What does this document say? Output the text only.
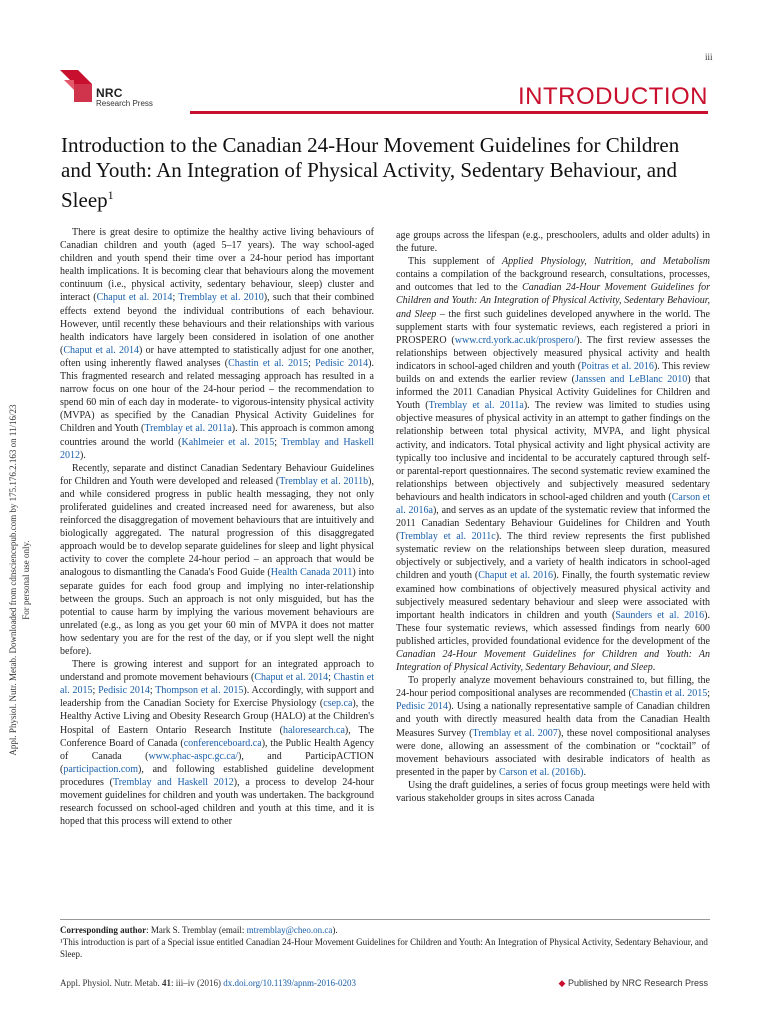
iii
NRC
Research Press	INTRODUCTION
Introduction to the Canadian 24-Hour Movement Guidelines for Children and Youth: An Integration of Physical Activity, Sedentary Behaviour, and Sleep$^1$
Appl. Physiol. Nutr. Metab. Downloaded from cdnsciencepub.com by 175.176.2.163 on 11/16/23 For personal use only.

There is great desire to optimize the healthy active living behaviours of Canadian children and youth (aged 5–17 years). The way school-aged children and youth spend their time over a 24-hour period has important health implications. It is becoming clear that behaviours along the movement continuum (i.e., physical activity, sedentary behaviour, sleep) cluster and interact (Chaput et al. 2014; Tremblay et al. 2010), such that their combined effects extend beyond the individual contributions of each behaviour. However, until recently these behaviours and their relationships with various health indicators have largely been considered in isolation of one another (Chaput et al. 2014) or have attempted to statistically adjust for one another, often using inherently flawed analyses (Chastin et al. 2015; Pedisic 2014). This fragmented research and related messaging approach has resulted in a narrow focus on one hour of the 24-hour period – the recommendation to spend 60 min of each day in moderate- to vigorous-intensity physical activity (MVPA) as specified by the Canadian Physical Activity Guidelines for Children and Youth (Tremblay et al. 2011a). This approach is common among countries around the world (Kahlmeier et al. 2015; Tremblay and Haskell 2012).

Recently, separate and distinct Canadian Sedentary Behaviour Guidelines for Children and Youth were developed and released (Tremblay et al. 2011b), and while considered progress in public health messaging, they not only proliferated guidelines and created increased need for awareness, but also reinforced the disaggregation of movement behaviours that are intuitively and biologically aggregated. The natural progression of this disaggregated approach would be to develop separate guidelines for sleep and light physical activity to cover the complete 24-hour period – an approach that would be analogous to dismantling the Canada's Food Guide (Health Canada 2011) into separate guides for each food group and implying no inter-relationship between the groups. Such an approach is not only misguided, but has the potential to cause harm by implying the various movement behaviours are unrelated (e.g., as long as you get your 60 min of MVPA it does not matter how sedentary you are for the rest of the day, or if you slept well the night before).

There is growing interest and support for an integrated approach to understand and promote movement behaviours (Chaput et al. 2014; Chastin et al. 2015; Pedisic 2014; Thompson et al. 2015). Accordingly, with support and leadership from the Canadian Society for Exercise Physiology (csep.ca), the Healthy Active Living and Obesity Research Group (HALO) at the Children's Hospital of Eastern Ontario Research Institute (haloresearch.ca), The Conference Board of Canada (conferenceboard.ca), the Public Health Agency of Canada (www.phac-aspc.gc.ca/), and ParticipACTION (participaction.com), and following established guideline development procedures (Tremblay and Haskell 2012), a process to develop 24-hour movement guidelines for children and youth was undertaken. The background research focussed on school-aged children and youth at this time, and it is hoped that this process will extend to other

age groups across the lifespan (e.g., preschoolers, adults and older adults) in the future.

This supplement of Applied Physiology, Nutrition, and Metabolism contains a compilation of the background research, consultations, processes, and outcomes that led to the Canadian 24-Hour Movement Guidelines for Children and Youth: An Integration of Physical Activity, Sedentary Behaviour, and Sleep – the first such guidelines developed anywhere in the world. The supplement starts with four systematic reviews, each registered a priori in PROSPERO (www.crd.york.ac.uk/prospero/). The first review assesses the relationships between objectively measured physical activity and health indicators in school-aged children and youth (Poitras et al. 2016). This review builds on and extends the earlier review (Janssen and LeBlanc 2010) that informed the 2011 Canadian Physical Activity Guidelines for Children and Youth (Tremblay et al. 2011a). The review was limited to studies using objective measures of physical activity in an attempt to gather findings on the relationship between total physical activity, MVPA, and light physical activity, and indicators. Total physical activity and light physical activity are typically too inclusive and incidental to be accurately captured through self- or parental-report questionnaires. The second systematic review examined the relationships between objectively and subjectively measured sedentary behaviours and health indicators in school-aged children and youth (Carson et al. 2016a), and serves as an update of the systematic review that informed the 2011 Canadian Sedentary Behaviour Guidelines for Children and Youth (Tremblay et al. 2011c). The third review represents the first published systematic review on the relationships between sleep duration, measured objectively or subjectively, and a variety of health indicators in school-aged children and youth (Chaput et al. 2016). Finally, the fourth systematic review examined how combinations of objectively measured physical activity and subjectively measured sedentary behaviour and sleep were associated with important health indicators in children and youth (Saunders et al. 2016). These four systematic reviews, which assessed findings from nearly 600 published articles, provided foundational evidence for the development of the Canadian 24-Hour Movement Guidelines for Children and Youth: An Integration of Physical Activity, Sedentary Behaviour, and Sleep.

To properly analyze movement behaviours constrained to, but filling, the 24-hour period compositional analyses are recommended (Chastin et al. 2015; Pedisic 2014). Using a nationally representative sample of Canadian children and youth with directly measured health data from the Canadian Health Measures Survey (Tremblay et al. 2007), these novel compositional analyses were done, allowing an assessment of the combination or “cocktail” of movement behaviours associated with desirable indicators of health as presented in the paper by Carson et al. (2016b).

Using the draft guidelines, a series of focus group meetings were held with various stakeholder groups in sites across Canada

Corresponding author: Mark S. Tremblay (email: mtremblay@cheo.on.ca).
¹This introduction is part of a Special issue entitled Canadian 24-Hour Movement Guidelines for Children and Youth: An Integration of Physical Activity, Sedentary Behaviour, and Sleep.
Appl. Physiol. Nutr. Metab. 41: iii–iv (2016) dx.doi.org/10.1139/apnm-2016-0203	◆ Published by NRC Research Press
